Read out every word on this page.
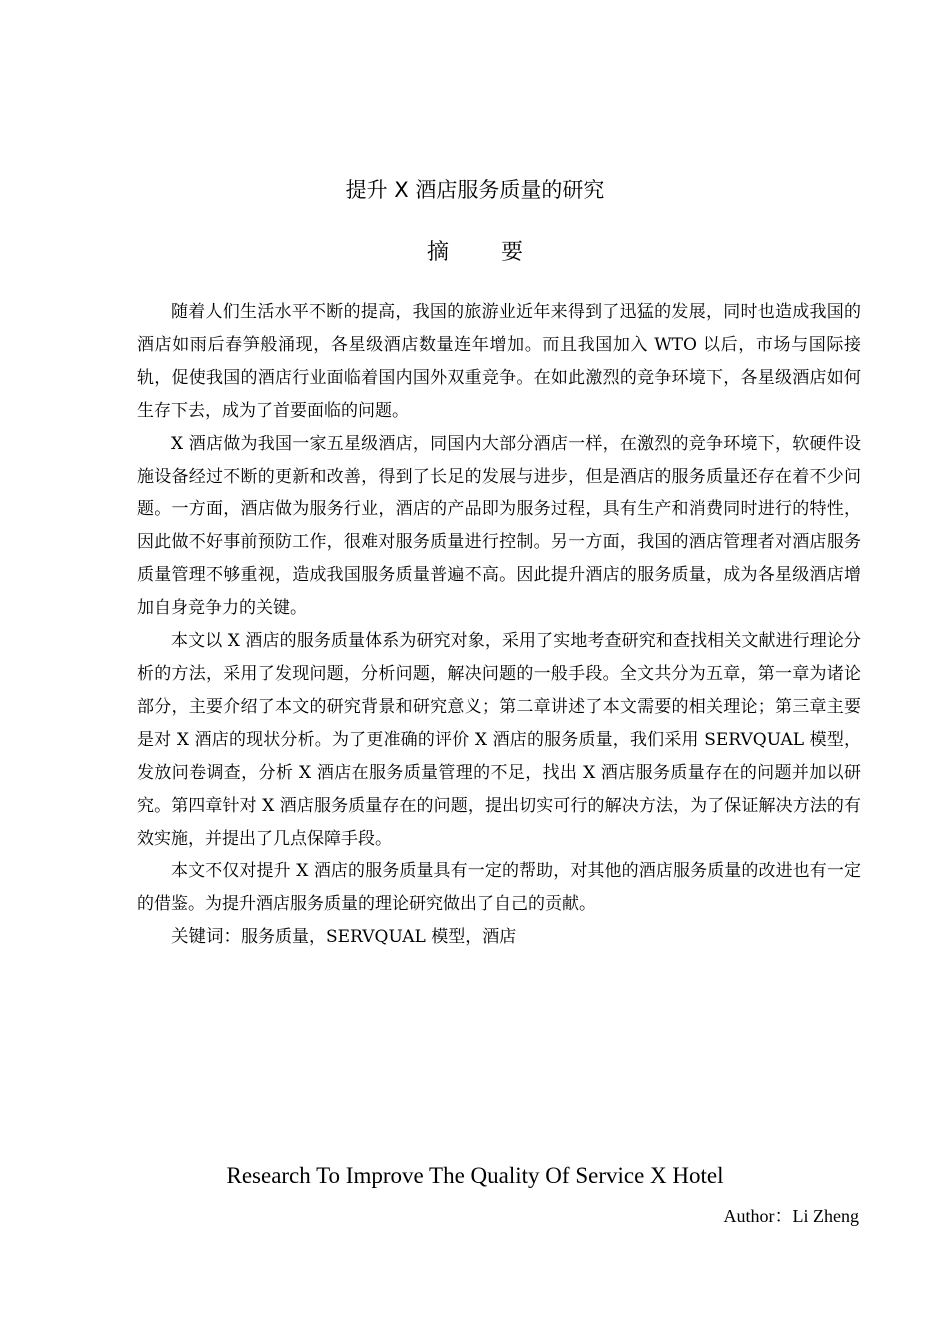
提升 X 酒店服务质量的研究
摘要

随着人们生活水平不断的提高，我国的旅游业近年来得到了迅猛的发展，同时也造成我国的酒店如雨后春笋般涌现，各星级酒店数量连年增加。而且我国加入 WTO 以后，市场与国际接轨，促使我国的酒店行业面临着国内国外双重竞争。在如此激烈的竞争环境下，各星级酒店如何生存下去，成为了首要面临的问题。

X 酒店做为我国一家五星级酒店，同国内大部分酒店一样，在激烈的竞争环境下，软硬件设施设备经过不断的更新和改善，得到了长足的发展与进步，但是酒店的服务质量还存在着不少问题。一方面，酒店做为服务行业，酒店的产品即为服务过程，具有生产和消费同时进行的特性，因此做不好事前预防工作，很难对服务质量进行控制。另一方面，我国的酒店管理者对酒店服务质量管理不够重视，造成我国服务质量普遍不高。因此提升酒店的服务质量，成为各星级酒店增加自身竞争力的关键。

本文以 X 酒店的服务质量体系为研究对象，采用了实地考查研究和查找相关文献进行理论分析的方法，采用了发现问题，分析问题，解决问题的一般手段。全文共分为五章，第一章为诸论部分，主要介绍了本文的研究背景和研究意义；第二章讲述了本文需要的相关理论；第三章主要是对 X 酒店的现状分析。为了更准确的评价 X 酒店的服务质量，我们采用 SERVQUAL 模型，发放问卷调查，分析 X 酒店在服务质量管理的不足，找出 X 酒店服务质量存在的问题并加以研究。第四章针对 X 酒店服务质量存在的问题，提出切实可行的解决方法，为了保证解决方法的有效实施，并提出了几点保障手段。

本文不仅对提升 X 酒店的服务质量具有一定的帮助，对其他的酒店服务质量的改进也有一定的借鉴。为提升酒店服务质量的理论研究做出了自己的贡献。

关键词：服务质量，SERVQUAL 模型，酒店

Research To Improve The Quality Of Service X Hotel
Author：Li Zheng
